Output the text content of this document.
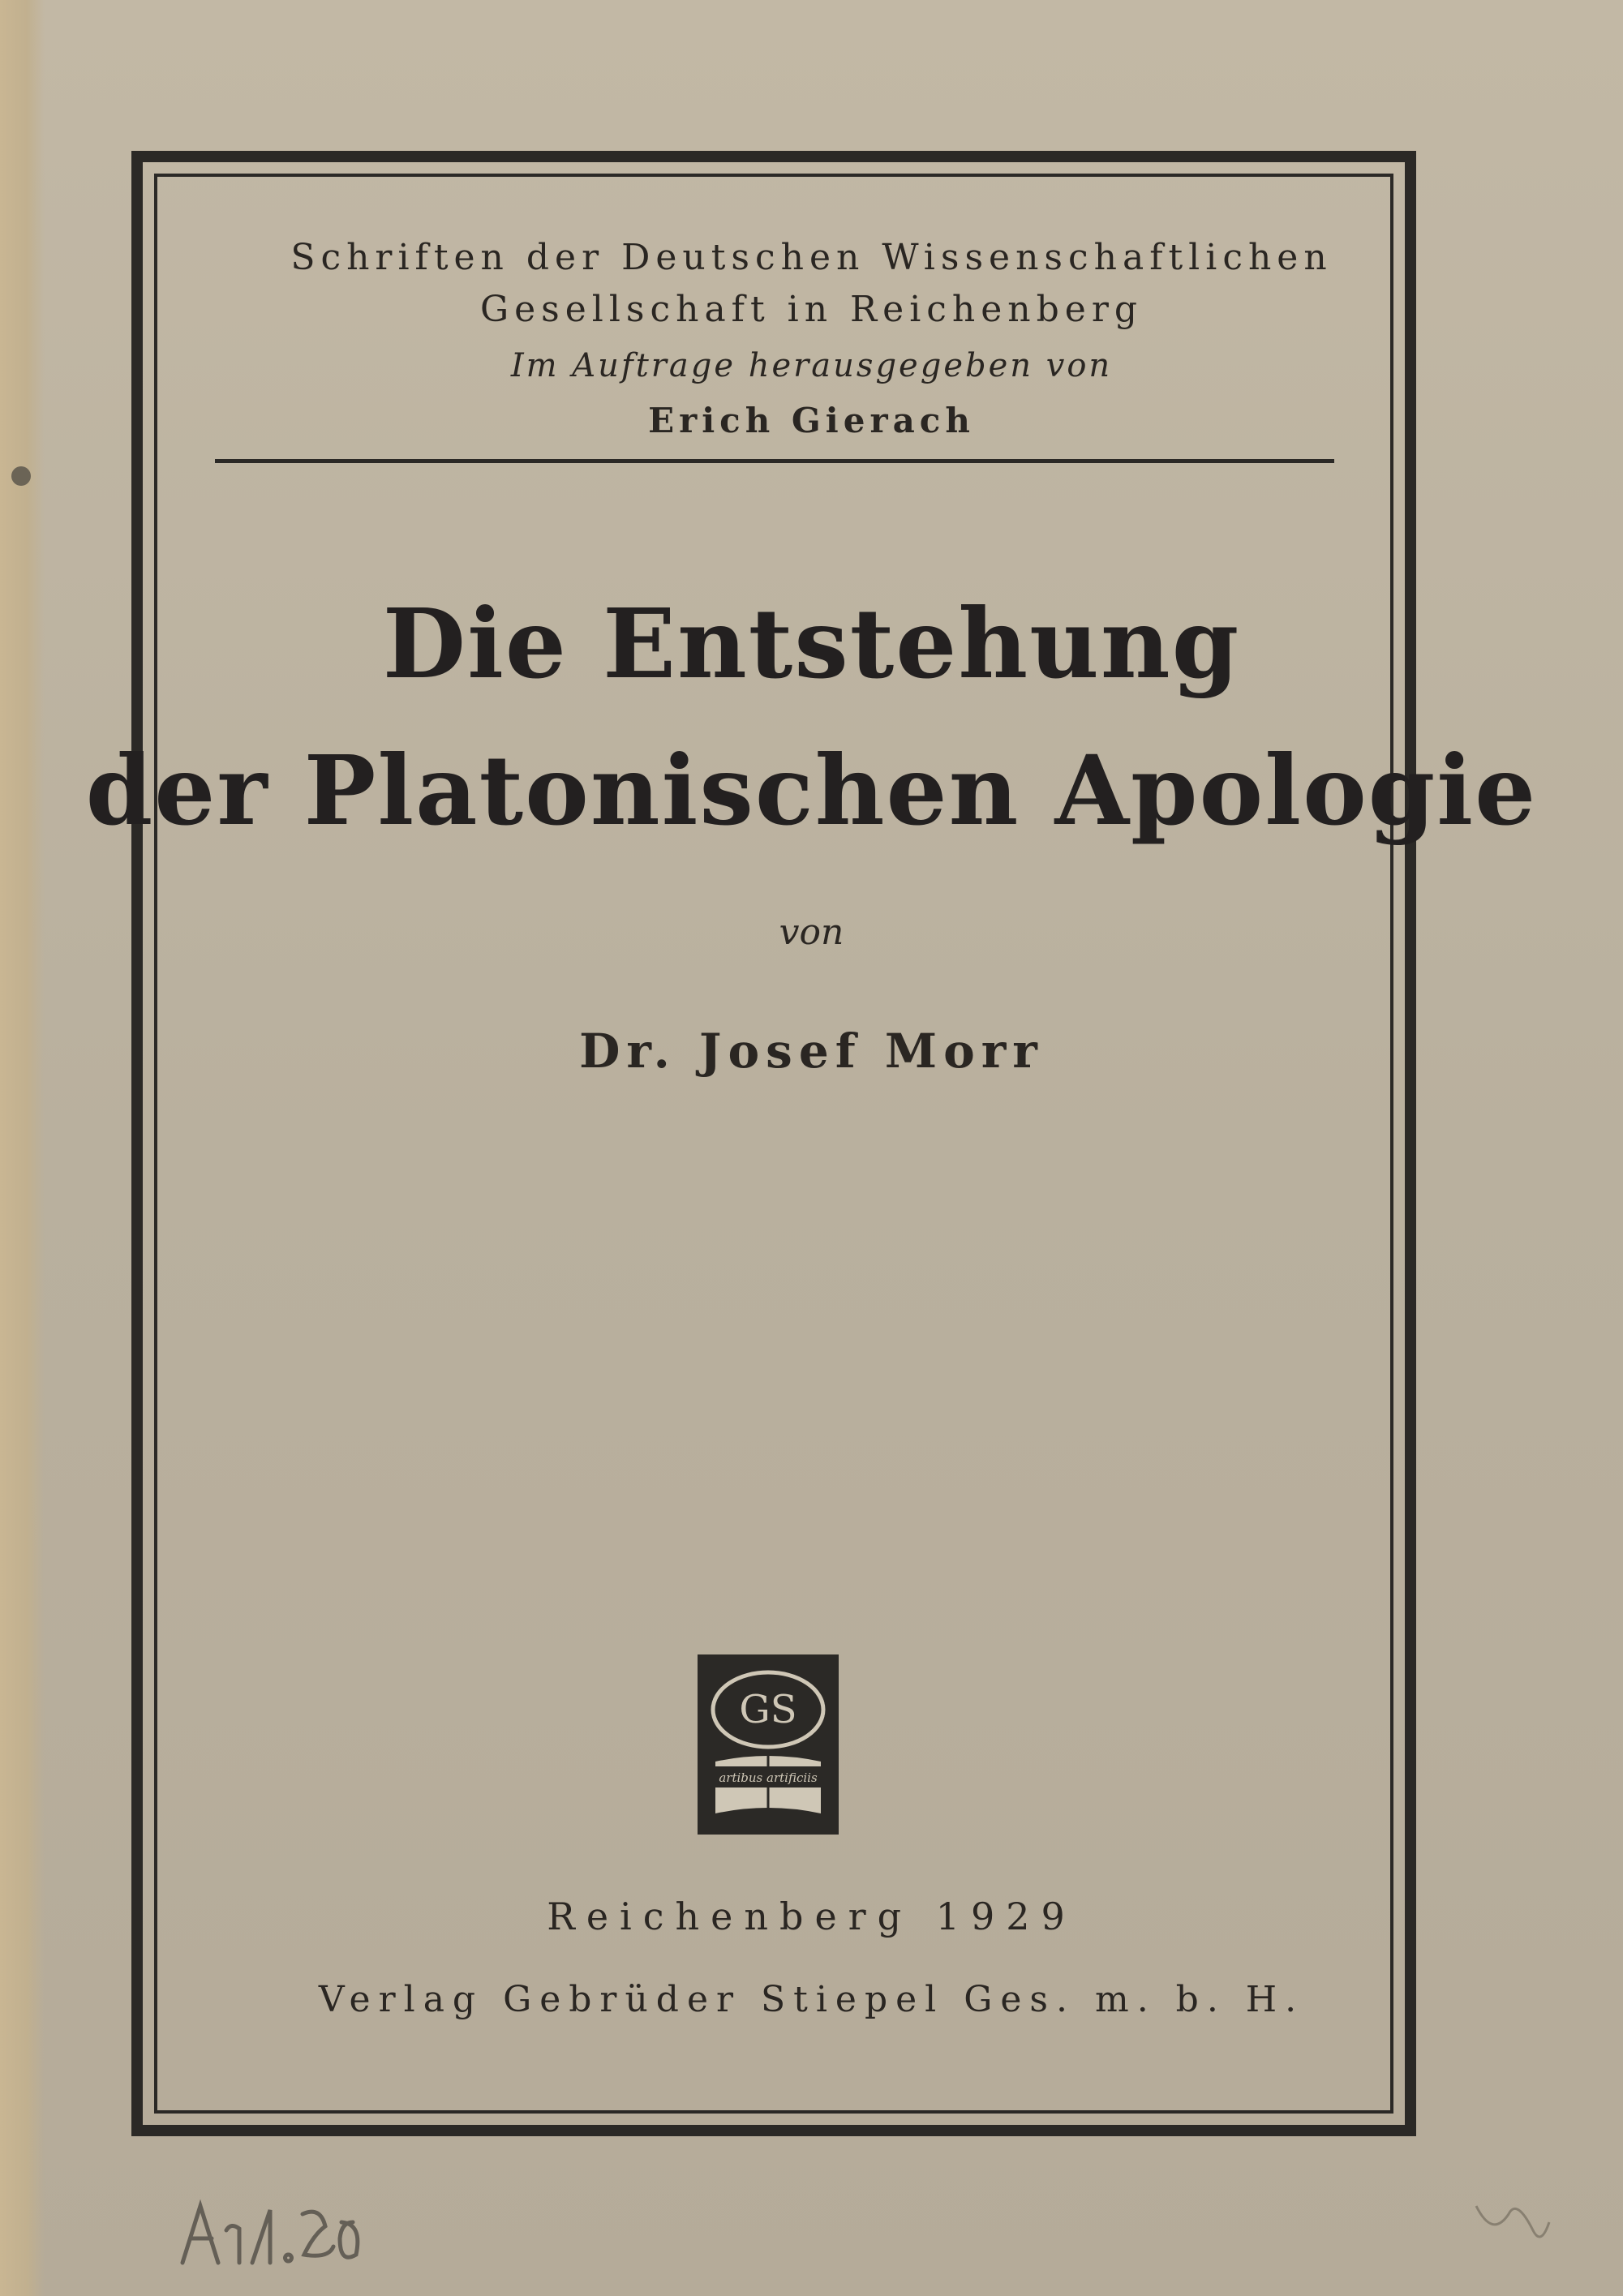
Schriften der Deutschen Wissenschaftlichen
Gesellschaft in Reichenberg
Im Auftrage herausgegeben von
Erich Gierach
Die Entstehung
der Platonischen Apologie
von
Dr. Josef Morr
GS
artibus artificiis
Reichenberg 1929
Verlag Gebrüder Stiepel Ges. m. b. H.
